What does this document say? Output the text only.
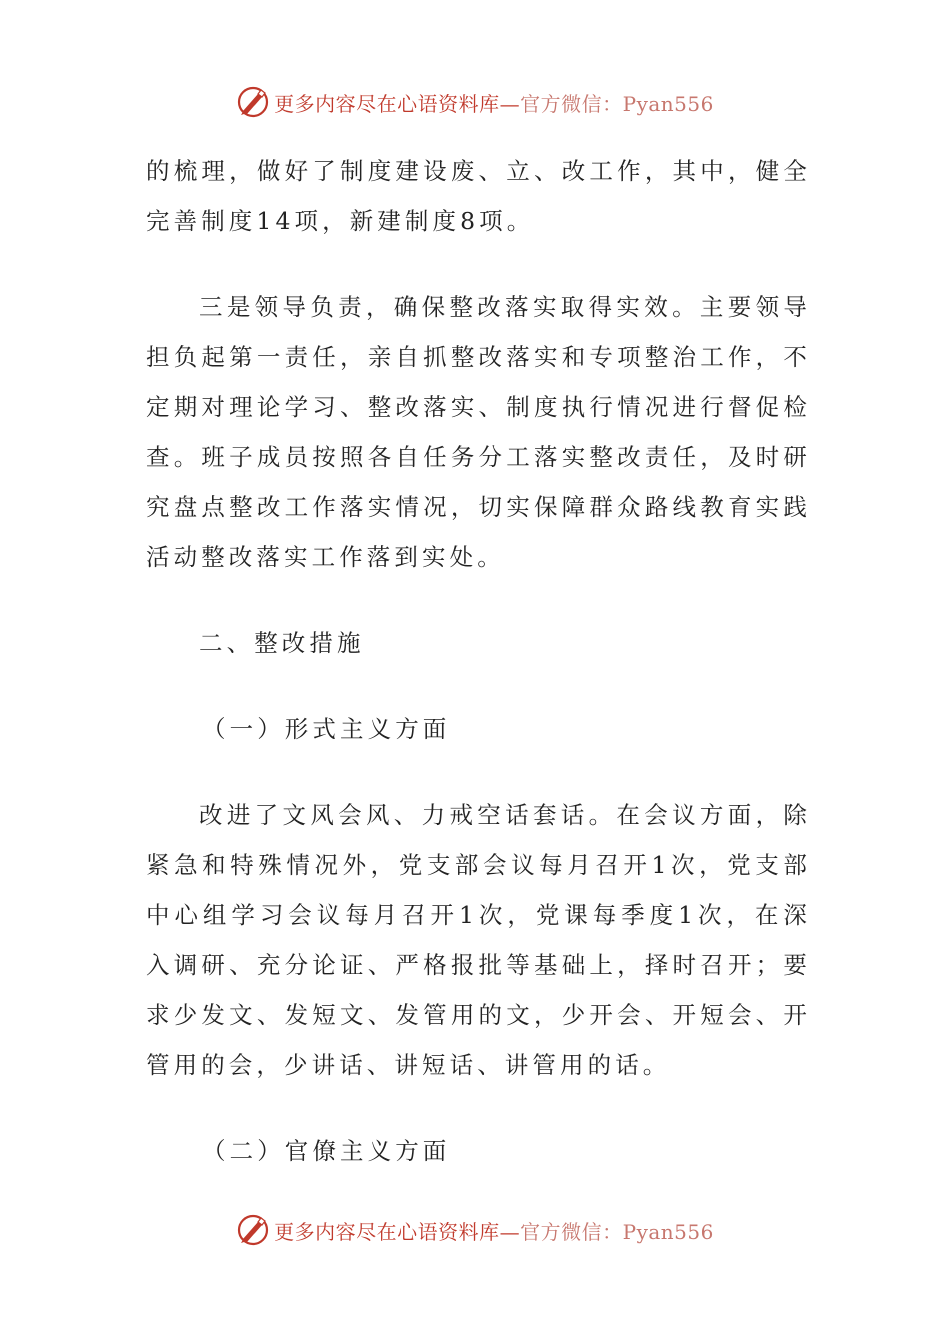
更多内容尽在心语资料库—官方微信：Pyan556

的梳理，做好了制度建设废、立、改工作，其中，健全完善制度14项，新建制度8项。

三是领导负责，确保整改落实取得实效。主要领导担负起第一责任，亲自抓整改落实和专项整治工作，不定期对理论学习、整改落实、制度执行情况进行督促检查。班子成员按照各自任务分工落实整改责任，及时研究盘点整改工作落实情况，切实保障群众路线教育实践活动整改落实工作落到实处。

二、整改措施

（一）形式主义方面

改进了文风会风、力戒空话套话。在会议方面，除紧急和特殊情况外，党支部会议每月召开1次，党支部中心组学习会议每月召开1次，党课每季度1次，在深入调研、充分论证、严格报批等基础上，择时召开；要求少发文、发短文、发管用的文，少开会、开短会、开管用的会，少讲话、讲短话、讲管用的话。

（二）官僚主义方面

更多内容尽在心语资料库—官方微信：Pyan556
